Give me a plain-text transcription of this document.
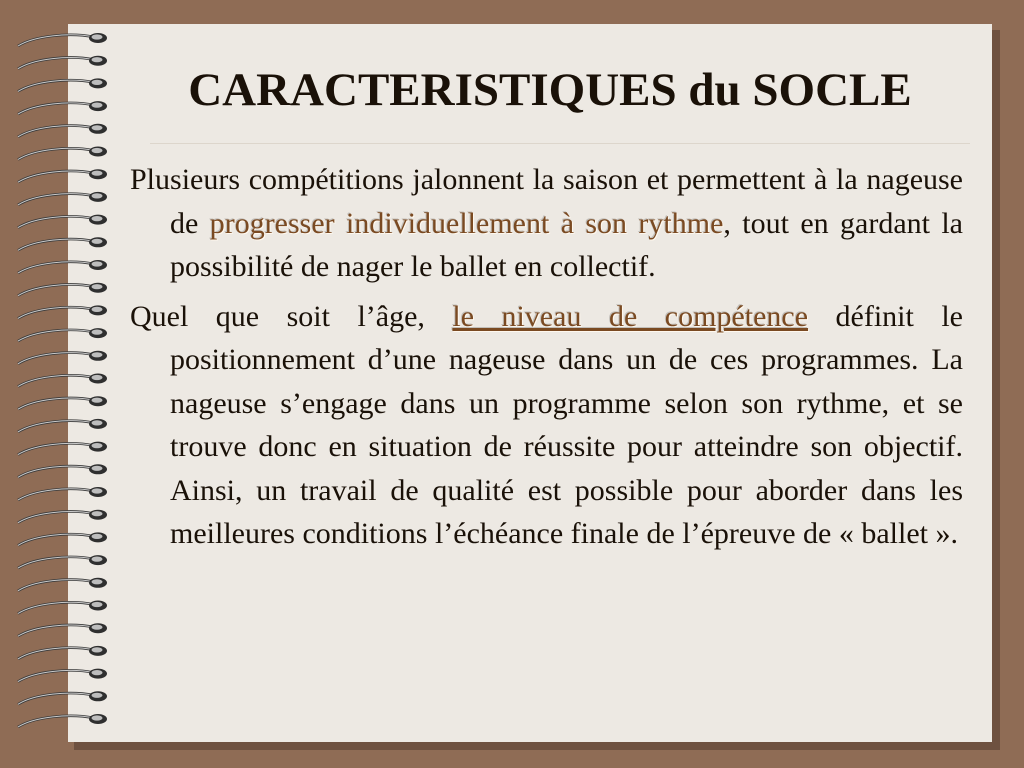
CARACTERISTIQUES du SOCLE

Plusieurs compétitions jalonnent la saison et permettent à la nageuse de progresser individuellement à son rythme, tout en gardant la possibilité de nager le ballet en collectif.

Quel que soit l’âge, le niveau de compétence définit le positionnement d’une nageuse dans un de ces programmes. La nageuse s’engage dans un programme selon son rythme, et se trouve donc en situation de réussite pour atteindre son objectif. Ainsi, un travail de qualité est possible pour aborder dans les meilleures conditions l’échéance finale de l’épreuve de « ballet ».
